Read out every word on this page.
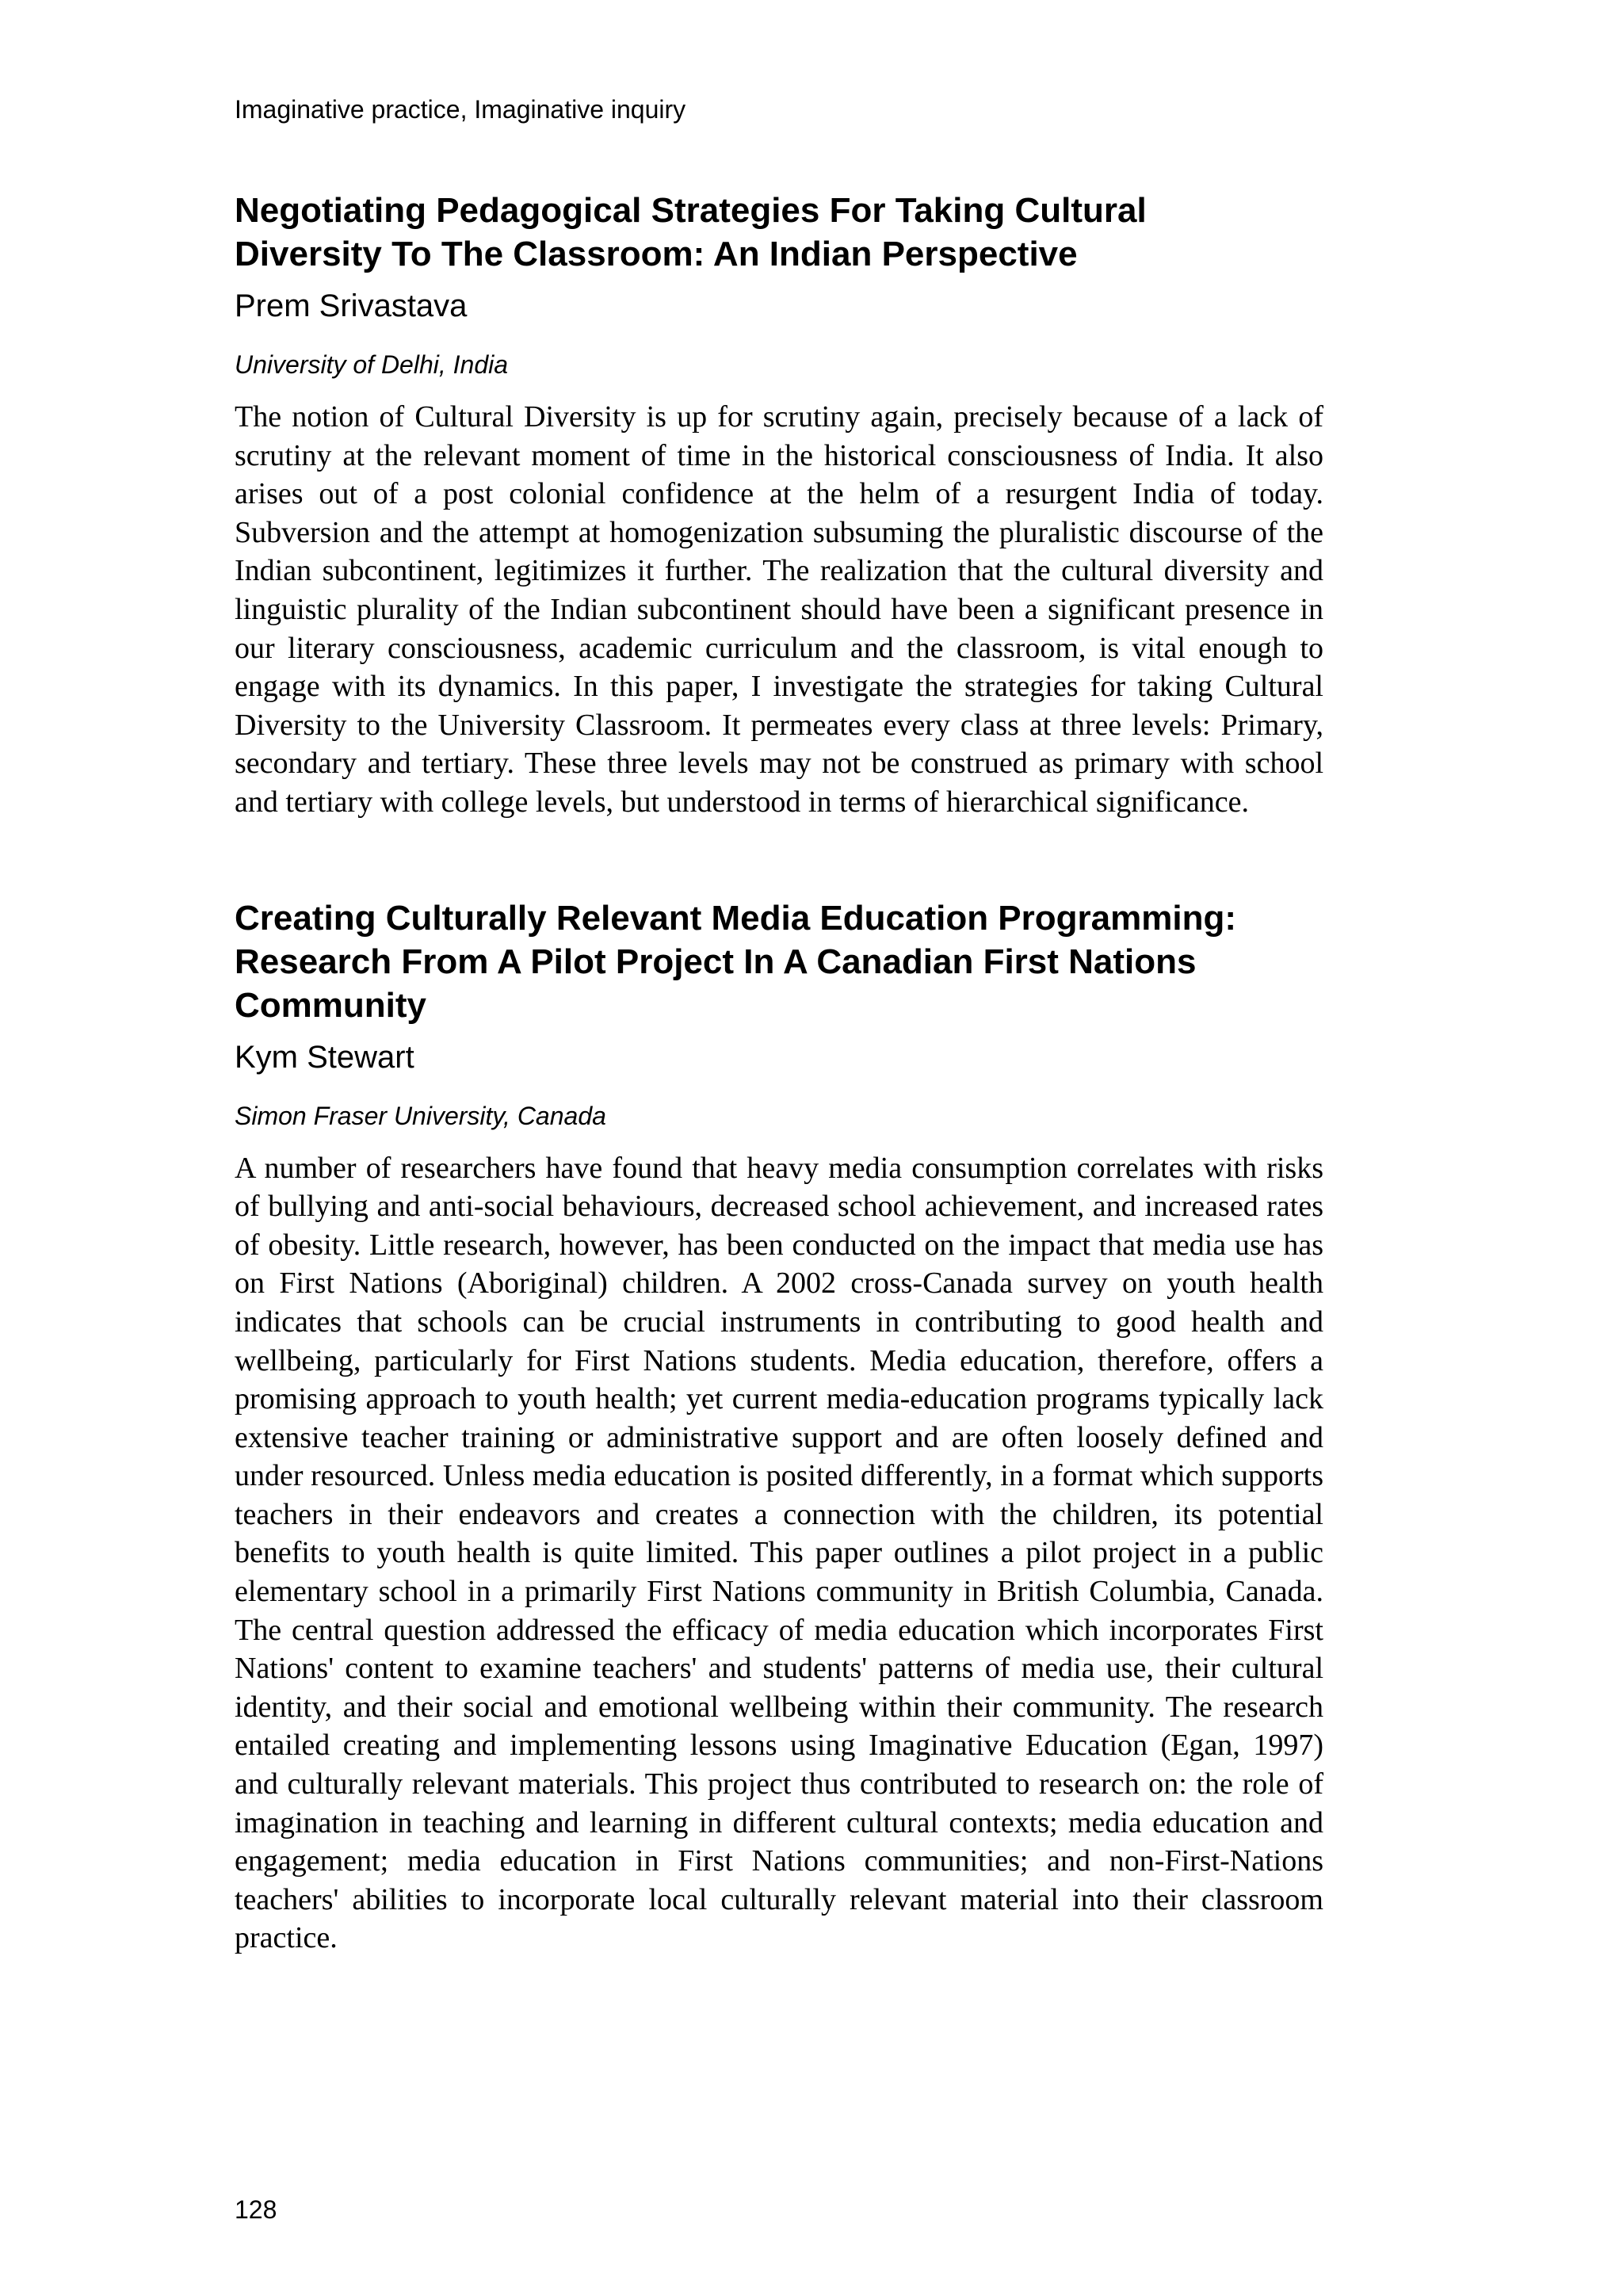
Imaginative practice, Imaginative inquiry
Negotiating Pedagogical Strategies For Taking Cultural Diversity To The Classroom: An Indian Perspective
Prem Srivastava
University of Delhi, India

The notion of Cultural Diversity is up for scrutiny again, precisely because of a lack of scrutiny at the relevant moment of time in the historical consciousness of India. It also arises out of a post colonial confidence at the helm of a resurgent India of today. Subversion and the attempt at homogenization subsuming the pluralistic discourse of the Indian subcontinent, legitimizes it further. The realization that the cultural diversity and linguistic plurality of the Indian subcontinent should have been a significant presence in our literary consciousness, academic curriculum and the classroom, is vital enough to engage with its dynamics. In this paper, I investigate the strategies for taking Cultural Diversity to the University Classroom. It permeates every class at three levels: Primary, secondary and tertiary. These three levels may not be construed as primary with school and tertiary with college levels, but understood in terms of hierarchical significance.

Creating Culturally Relevant Media Education Programming: Research From A Pilot Project In A Canadian First Nations Community
Kym Stewart
Simon Fraser University, Canada

A number of researchers have found that heavy media consumption correlates with risks of bullying and anti-social behaviours, decreased school achievement, and increased rates of obesity. Little research, however, has been conducted on the impact that media use has on First Nations (Aboriginal) children. A 2002 cross-Canada survey on youth health indicates that schools can be crucial instruments in contributing to good health and wellbeing, particularly for First Nations students. Media education, therefore, offers a promising approach to youth health; yet current media-education programs typically lack extensive teacher training or administrative support and are often loosely defined and under resourced. Unless media education is posited differently, in a format which supports teachers in their endeavors and creates a connection with the children, its potential benefits to youth health is quite limited. This paper outlines a pilot project in a public elementary school in a primarily First Nations community in British Columbia, Canada. The central question addressed the efficacy of media education which incorporates First Nations' content to examine teachers' and students' patterns of media use, their cultural identity, and their social and emotional wellbeing within their community. The research entailed creating and implementing lessons using Imaginative Education (Egan, 1997) and culturally relevant materials. This project thus contributed to research on: the role of imagination in teaching and learning in different cultural contexts; media education and engagement; media education in First Nations communities; and non-First-Nations teachers' abilities to incorporate local culturally relevant material into their classroom practice.

128
